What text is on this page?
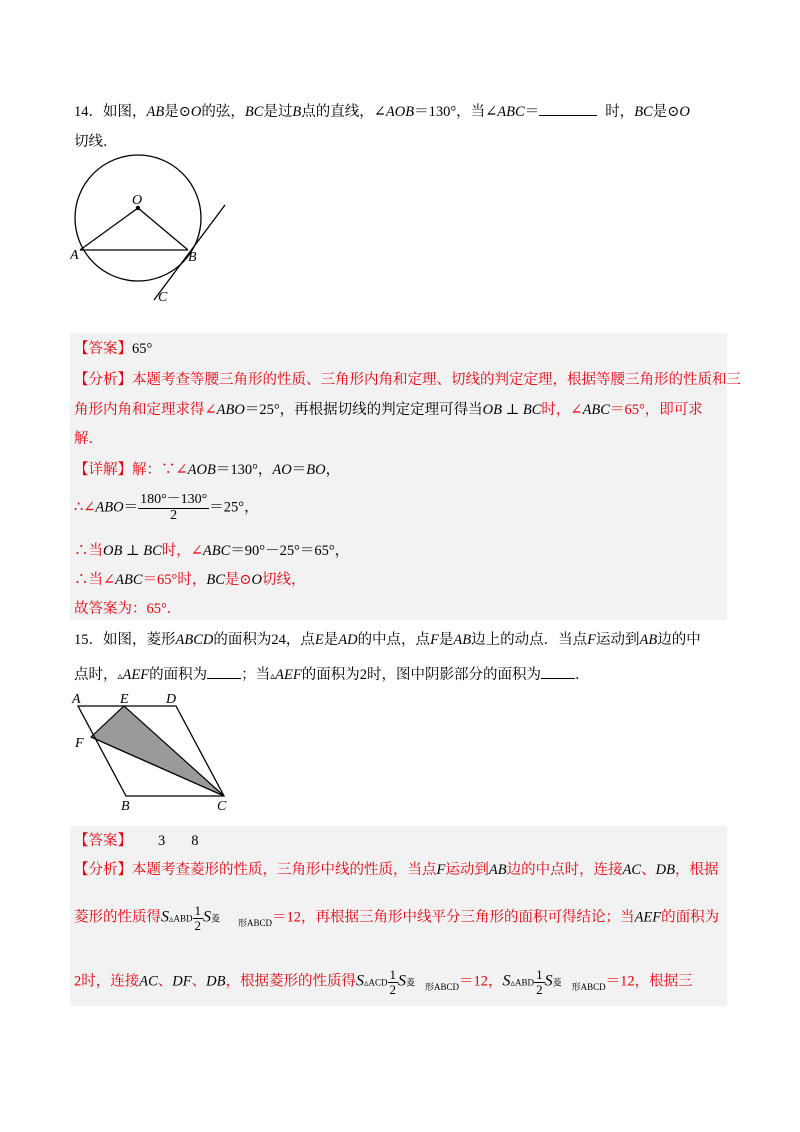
14．如图，AB是⊙O的弦，BC是过B点的直线，∠AOB＝130°，当∠ABC＝	时，BC是⊙O
切线．
O
A	B
C
【答案】65°
【分析】本题考查等腰三角形的性质、三角形内角和定理、切线的判定定理，根据等腰三角形的性质和三
角形内角和定理求得∠ABO＝25°，再根据切线的判定定理可得当OB ⊥ BC时，∠ABC＝65°，即可求
解．
【详解】解：∵∠AOB＝130°，AO＝BO，
∴∠ABO＝ $\frac{180^\circ-130^\circ}{2} =25^\circ$，
∴当OB ⊥ BC时，∠ABC＝90°－25°＝65°，
∴当∠ABC＝65°时，BC是⊙O切线，
故答案为：65°．
15．如图，菱形ABCD的面积为24，点E是AD的中点，点F是AB边上的动点．当点F运动到AB边的中
点时，▵AEF的面积为 ；当▵AEF的面积为2时，图中阴影部分的面积为 ．
A	E	D
F
B	C
【答案】 3 8
【分析】本题考查菱形的性质，三角形中线的性质，当点F运动到AB边的中点时，连接AC、DB，根据
菱形的性质得S▵ABD $\frac{1}{2}$ S菱 $_{形ABCD}$＝12，再根据三角形中线平分三角形的面积可得结论；当AEF的面积为
2时，连接AC、DF、DB，根据菱形的性质得S▵ACD $\frac{1}{2}$ S菱 $_{形ABCD}$＝12，S▵ABD $\frac{1}{2}$ S菱 $_{形ABCD}$＝12，根据三
